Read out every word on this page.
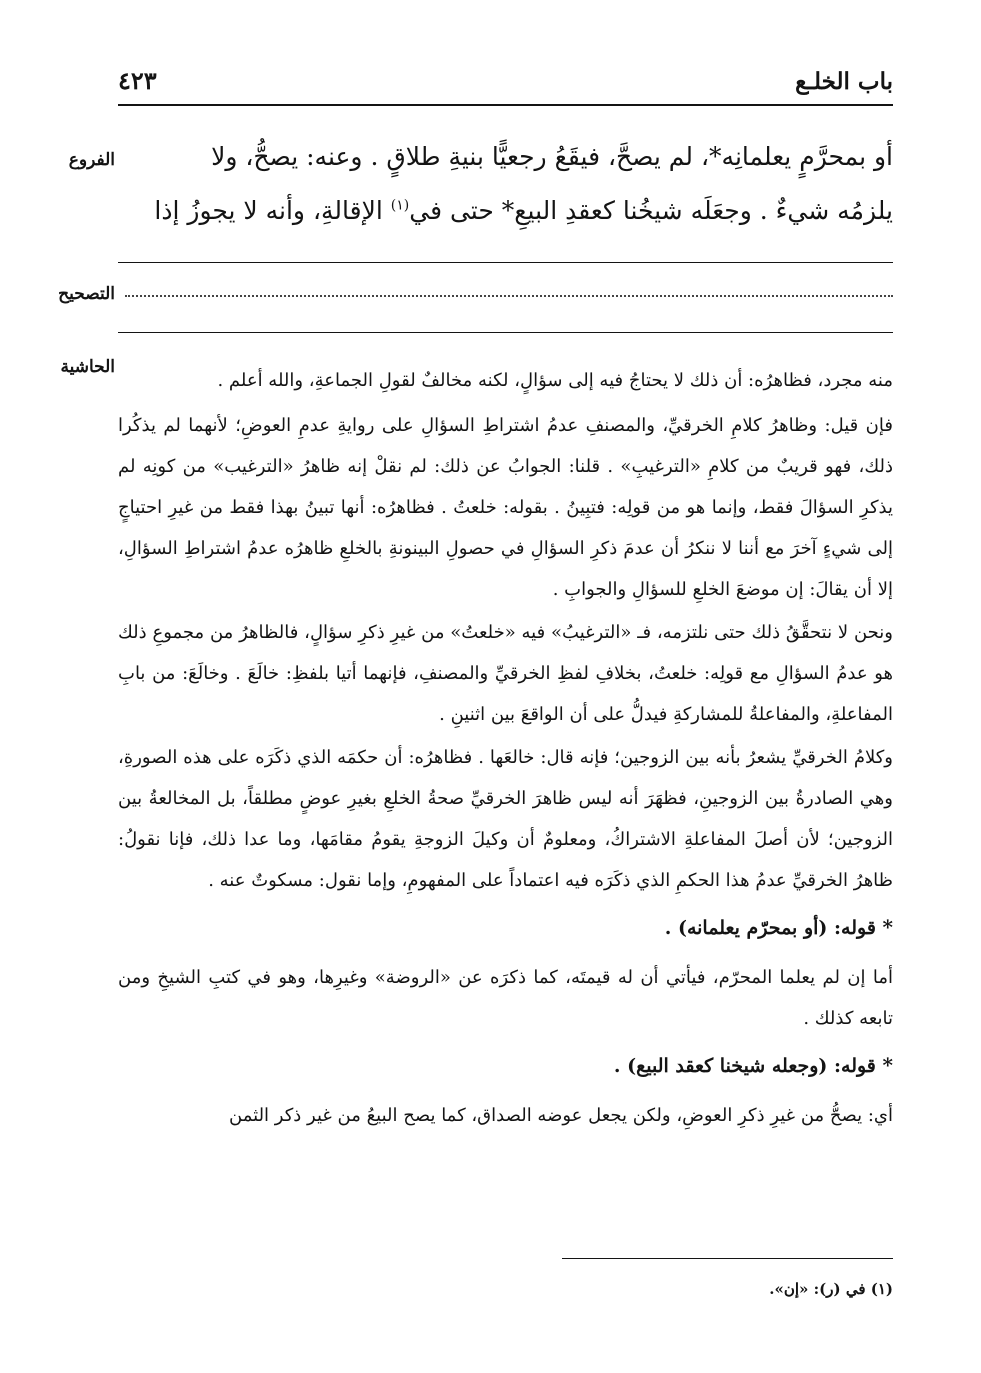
باب الخلـع
٤٢٣
الفروع	أو بمحرَّمٍ يعلمانِه*، لم يصحَّ، فيقَعُ رجعيًّا بنيةِ طلاقٍ . وعنه: يصحُّ، ولا

يلزمُه شيءٌ . وجعَلَه شيخُنا كعقدِ البيعِ* حتى في$^{(١)}$ الإقالةِ، وأنه لا يجوزُ إذا

التصحيح
الحاشية

منه مجرد، فظاهرُه: أن ذلك لا يحتاجُ فيه إلى سؤالٍ، لكنه مخالفٌ لقولِ الجماعةِ، والله أعلم .

فإن قيل: وظاهرُ كلامِ الخرقيِّ، والمصنفِ عدمُ اشتراطِ السؤالِ على روايةِ عدمِ العوضِ؛ لأنهما لم يذكُرا ذلك، فهو قريبٌ من كلامِ «الترغيبِ» . قلنا: الجوابُ عن ذلك: لم نقلْ إنه ظاهرُ «الترغيب» من كونِه لم يذكرِ السؤالَ فقط، وإنما هو من قولِه: فتبِينُ . بقوله: خلعتُ . فظاهرُه: أنها تبينُ بهذا فقط من غيرِ احتياجٍ إلى شيءٍ آخرَ مع أننا لا ننكرُ أن عدمَ ذكرِ السؤالِ في حصولِ البينونةِ بالخلعِ ظاهرُه عدمُ اشتراطِ السؤالِ، إلا أن يقالَ: إن موضعَ الخلعِ للسؤالِ والجوابِ .

ونحن لا نتحقَّقُ ذلك حتى نلتزمه، فـ «الترغيبُ» فيه «خلعتُ» من غيرِ ذكرِ سؤالٍ، فالظاهرُ من مجموعِ ذلك هو عدمُ السؤالِ مع قولِه: خلعتُ، بخلافِ لفظِ الخرقيِّ والمصنفِ، فإنهما أتيا بلفظِ: خالَعَ . وخالَعَ: من بابِ المفاعلةِ، والمفاعلةُ للمشاركةِ فيدلُّ على أن الواقعَ بين اثنينِ .

وكلامُ الخرقيِّ يشعرُ بأنه بين الزوجين؛ فإنه قال: خالعَها . فظاهرُه: أن حكمَه الذي ذكَرَه على هذه الصورةِ، وهي الصادرةُ بين الزوجينِ، فظهَرَ أنه ليس ظاهرَ الخرقيِّ صحةُ الخلعِ بغيرِ عوضٍ مطلقاً، بل المخالعةُ بين الزوجين؛ لأن أصلَ المفاعلةِ الاشتراكُ، ومعلومٌ أن وكيلَ الزوجةِ يقومُ مقامَها، وما عدا ذلك، فإنا نقولُ: ظاهرُ الخرقيِّ عدمُ هذا الحكمِ الذي ذكَرَه فيه اعتماداً على المفهومِ، وإما نقول: مسكوتٌ عنه .

* قوله: (أو بمحرّم يعلمانه) .

أما إن لم يعلما المحرّم، فيأتي أن له قيمتَه، كما ذكرَه عن «الروضة» وغيرِها، وهو في كتبِ الشيخِ ومن تابعه كذلك .

* قوله: (وجعله شيخنا كعقد البيع) .

أي: يصحُّ من غيرِ ذكرِ العوضِ، ولكن يجعل عوضه الصداق، كما يصح البيعُ من غير ذكر الثمن

(١) في (ر): «إن».
